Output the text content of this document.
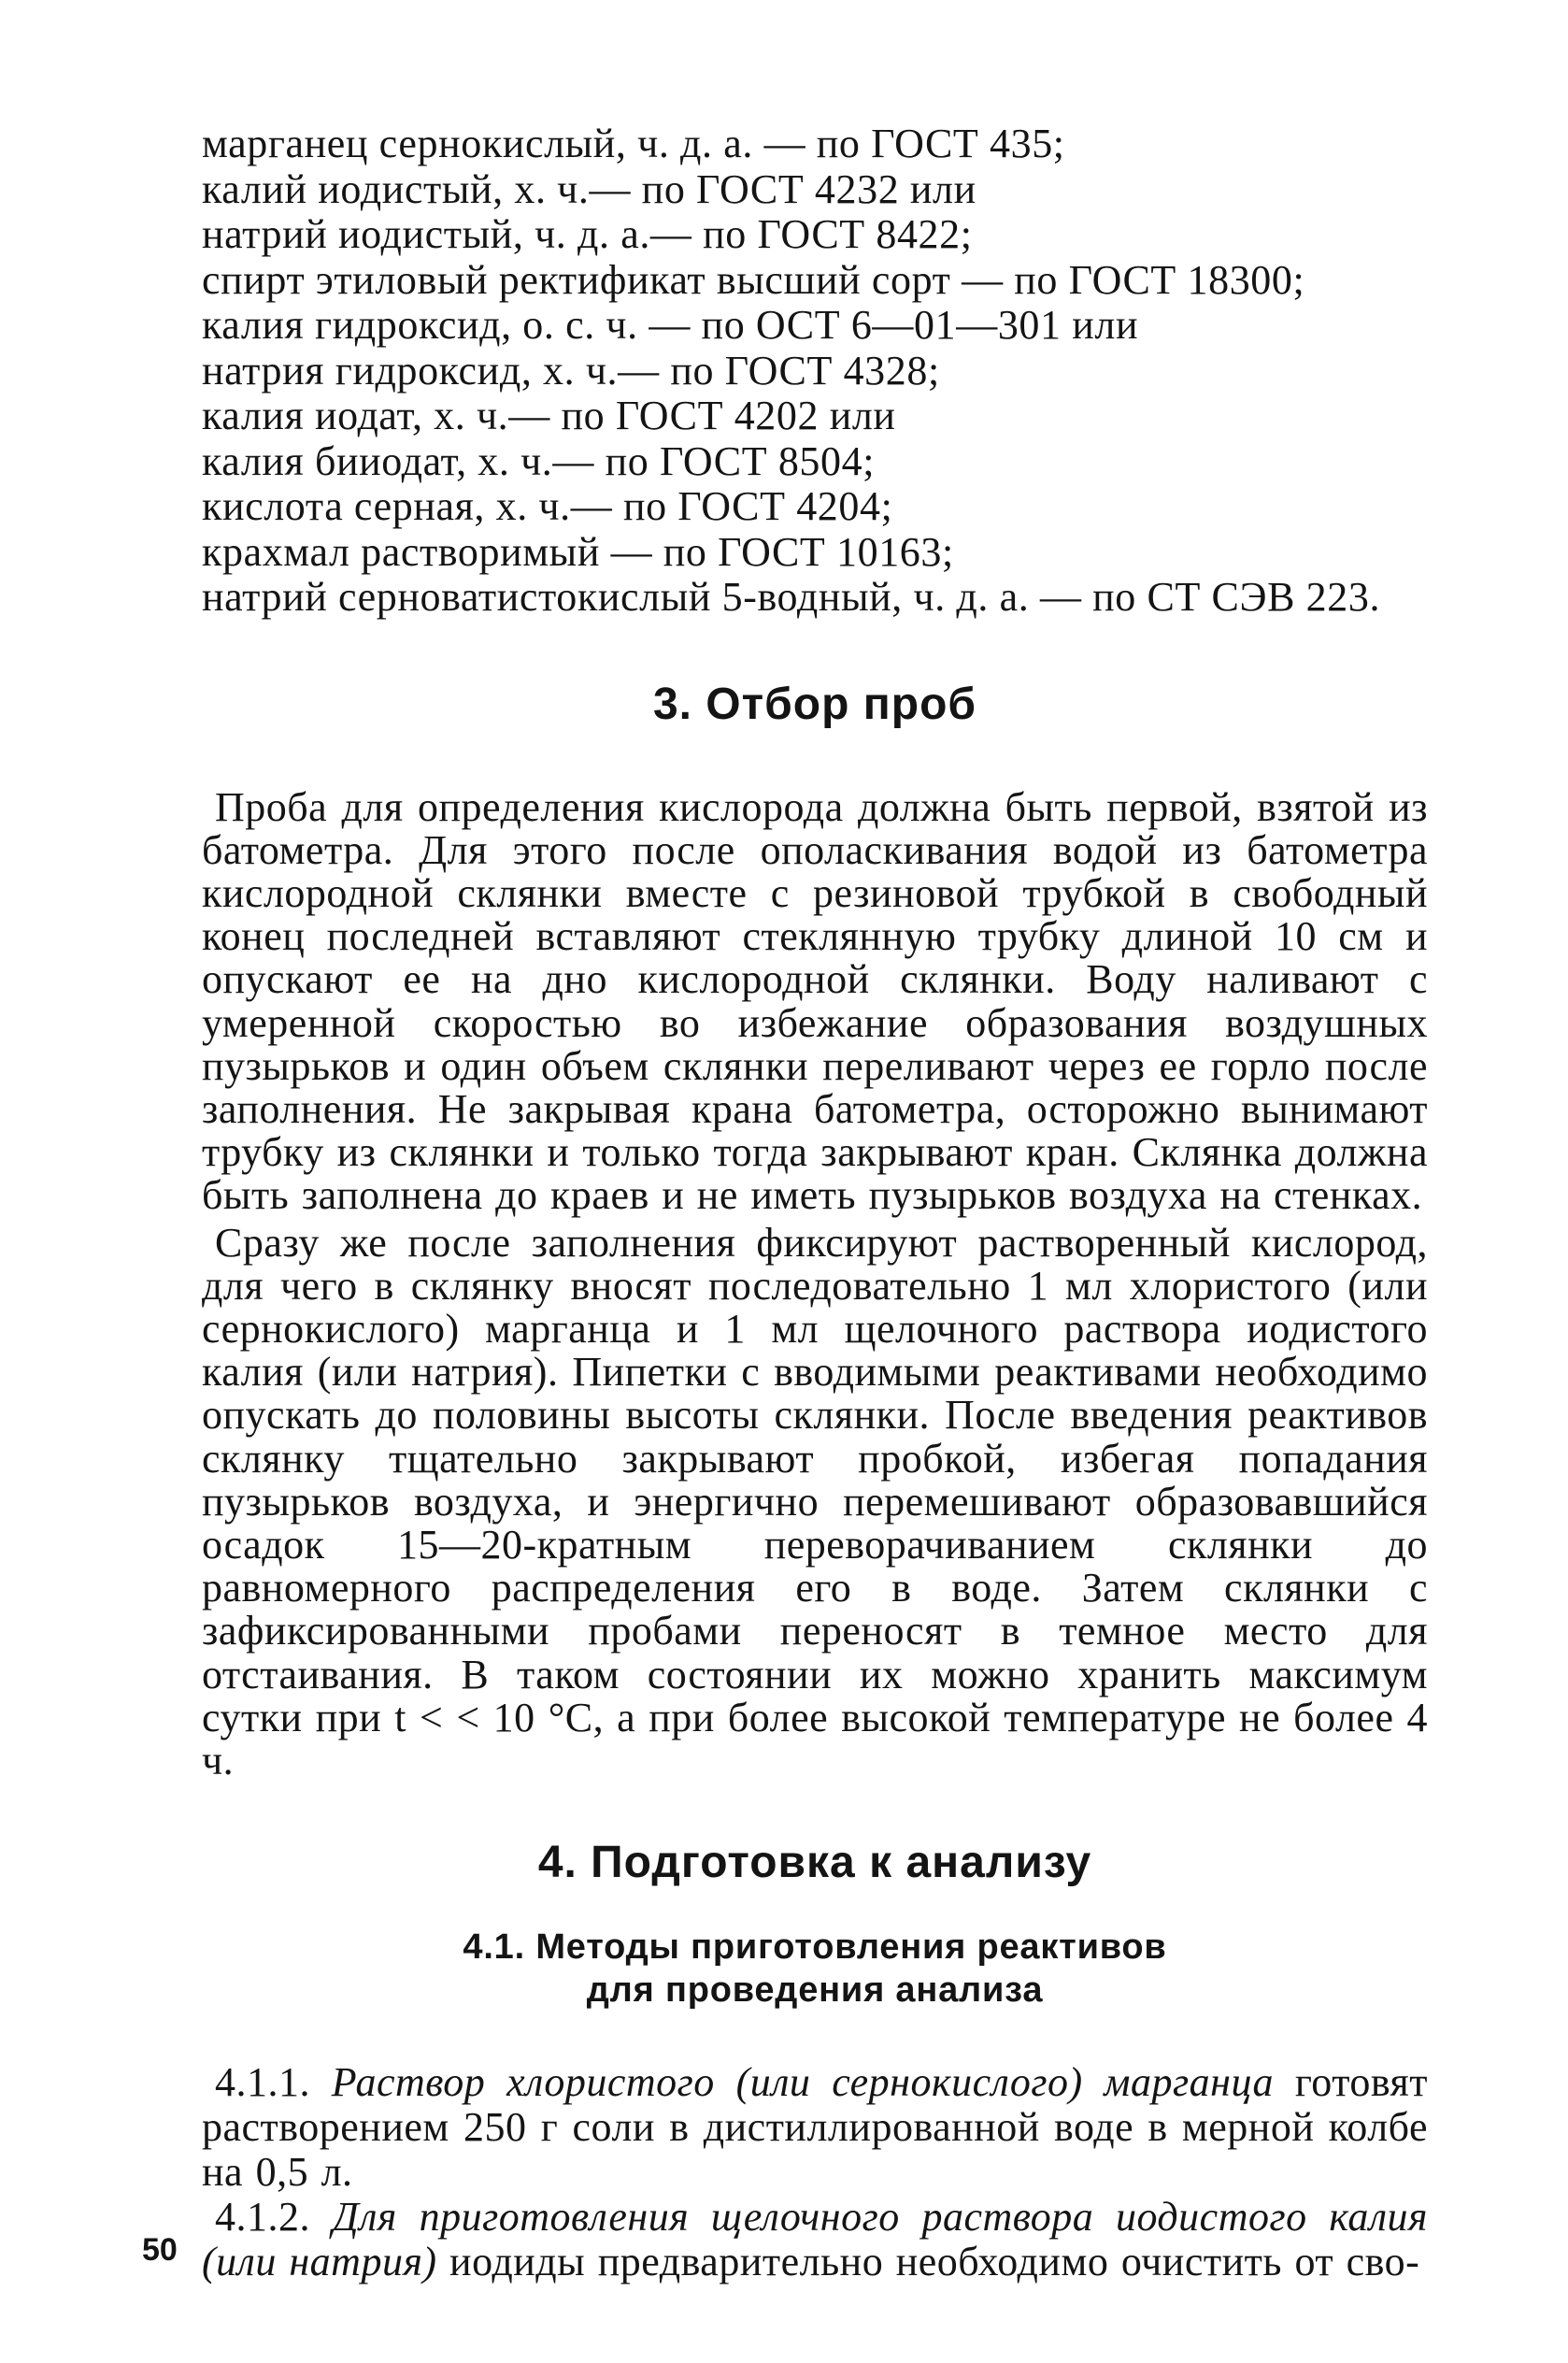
марганец сернокислый, ч. д. а. — по ГОСТ 435;
калий иодистый, х. ч.— по ГОСТ 4232 или
натрий иодистый, ч. д. а.— по ГОСТ 8422;
спирт этиловый ректификат высший сорт — по ГОСТ 18300;
калия гидроксид, о. с. ч. — по ОСТ 6—01—301 или
натрия гидроксид, х. ч.— по ГОСТ 4328;
калия иодат, х. ч.— по ГОСТ 4202 или
калия бииодат, х. ч.— по ГОСТ 8504;
кислота серная, х. ч.— по ГОСТ 4204;
крахмал растворимый — по ГОСТ 10163;
натрий серноватистокислый 5-водный, ч. д. а. — по СТ СЭВ 223.
3. Отбор проб

Проба для определения кислорода должна быть первой, взятой из батометра. Для этого после ополаскивания водой из батометра кислородной склянки вместе с резиновой трубкой в свободный конец последней вставляют стеклянную трубку длиной 10 см и опускают ее на дно кислородной склянки. Воду наливают с умеренной скоростью во избежание образования воздушных пузырьков и один объем склянки переливают через ее горло после заполнения. Не закрывая крана батометра, осторожно вынимают трубку из склянки и только тогда закрывают кран. Склянка должна быть заполнена до краев и не иметь пузырьков воздуха на стенках.

Сразу же после заполнения фиксируют растворенный кислород, для чего в склянку вносят последовательно 1 мл хлористого (или сернокислого) марганца и 1 мл щелочного раствора иодистого калия (или натрия). Пипетки с вводимыми реактивами необходимо опускать до половины высоты склянки. После введения реактивов склянку тщательно закрывают пробкой, избегая попадания пузырьков воздуха, и энергично перемешивают образовавшийся осадок 15—20-кратным переворачиванием склянки до равномерного распределения его в воде. Затем склянки с зафиксированными пробами переносят в темное место для отстаивания. В таком состоянии их можно хранить максимум сутки при t < < 10 °С, а при более высокой температуре не более 4 ч.

4. Подготовка к анализу
4.1. Методы приготовления реактивов
для проведения анализа

4.1.1. Раствор хлористого (или сернокислого) марганца готовят растворением 250 г соли в дистиллированной воде в мерной колбе на 0,5 л.

4.1.2. Для приготовления щелочного раствора иодистого калия (или натрия) иодиды предварительно необходимо очистить от сво-

50
